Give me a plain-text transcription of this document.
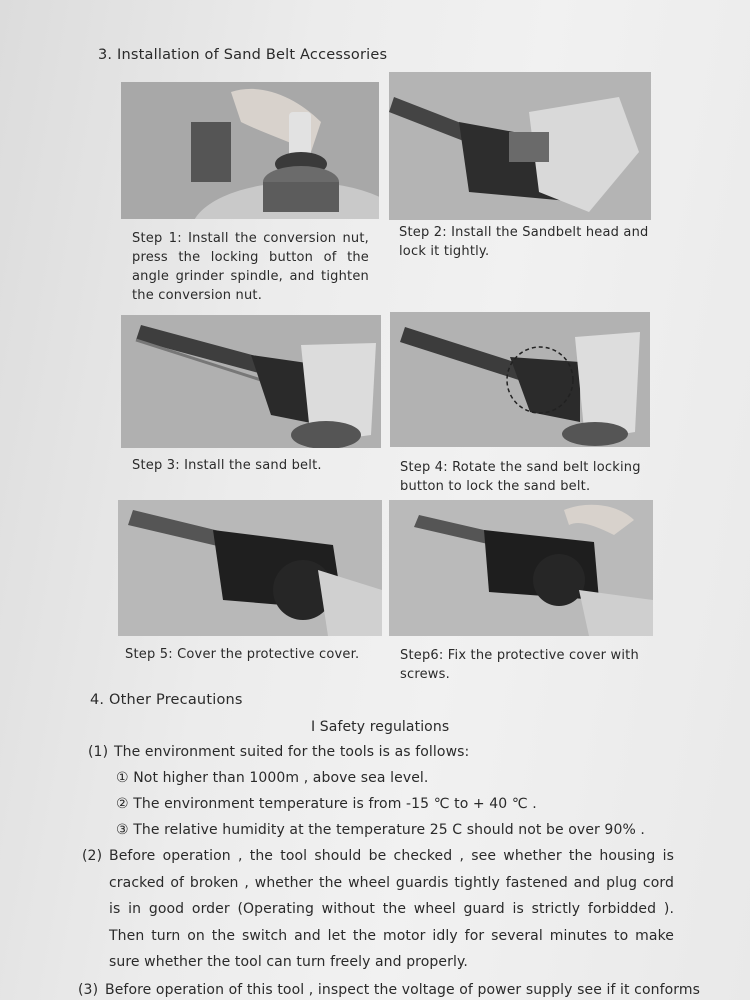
3. Installation of Sand Belt Accessories
Step 1: Install the conversion nut, press the locking button of the angle grinder spindle, and tighten the conversion nut.
Step 2: Install the Sandbelt head and lock it tightly.
Step 3: Install the sand belt.	Step 4: Rotate the sand belt locking button to lock the sand belt.
Step 5: Cover the protective cover.	Step6: Fix the protective cover with screws.
4. Other Precautions
Ⅰ Safety regulations
(1) The environment suited for the tools is as follows:
① Not higher than 1000m , above sea level.
② The environment temperature is from -15 ℃ to + 40 ℃ .
③ The relative humidity at the temperature 25 C should not be over 90% .
(2) Before operation , the tool should be checked , see whether the housing is cracked of broken , whether the wheel guardis tightly fastened and plug cord is in good order (Operating without the wheel guard is strictly forbidded ). Then turn on the switch and let the motor idly for several minutes to make sure whether the tool can turn freely and properly.
(3) Before operation of this tool , inspect the voltage of power supply see if it conforms
